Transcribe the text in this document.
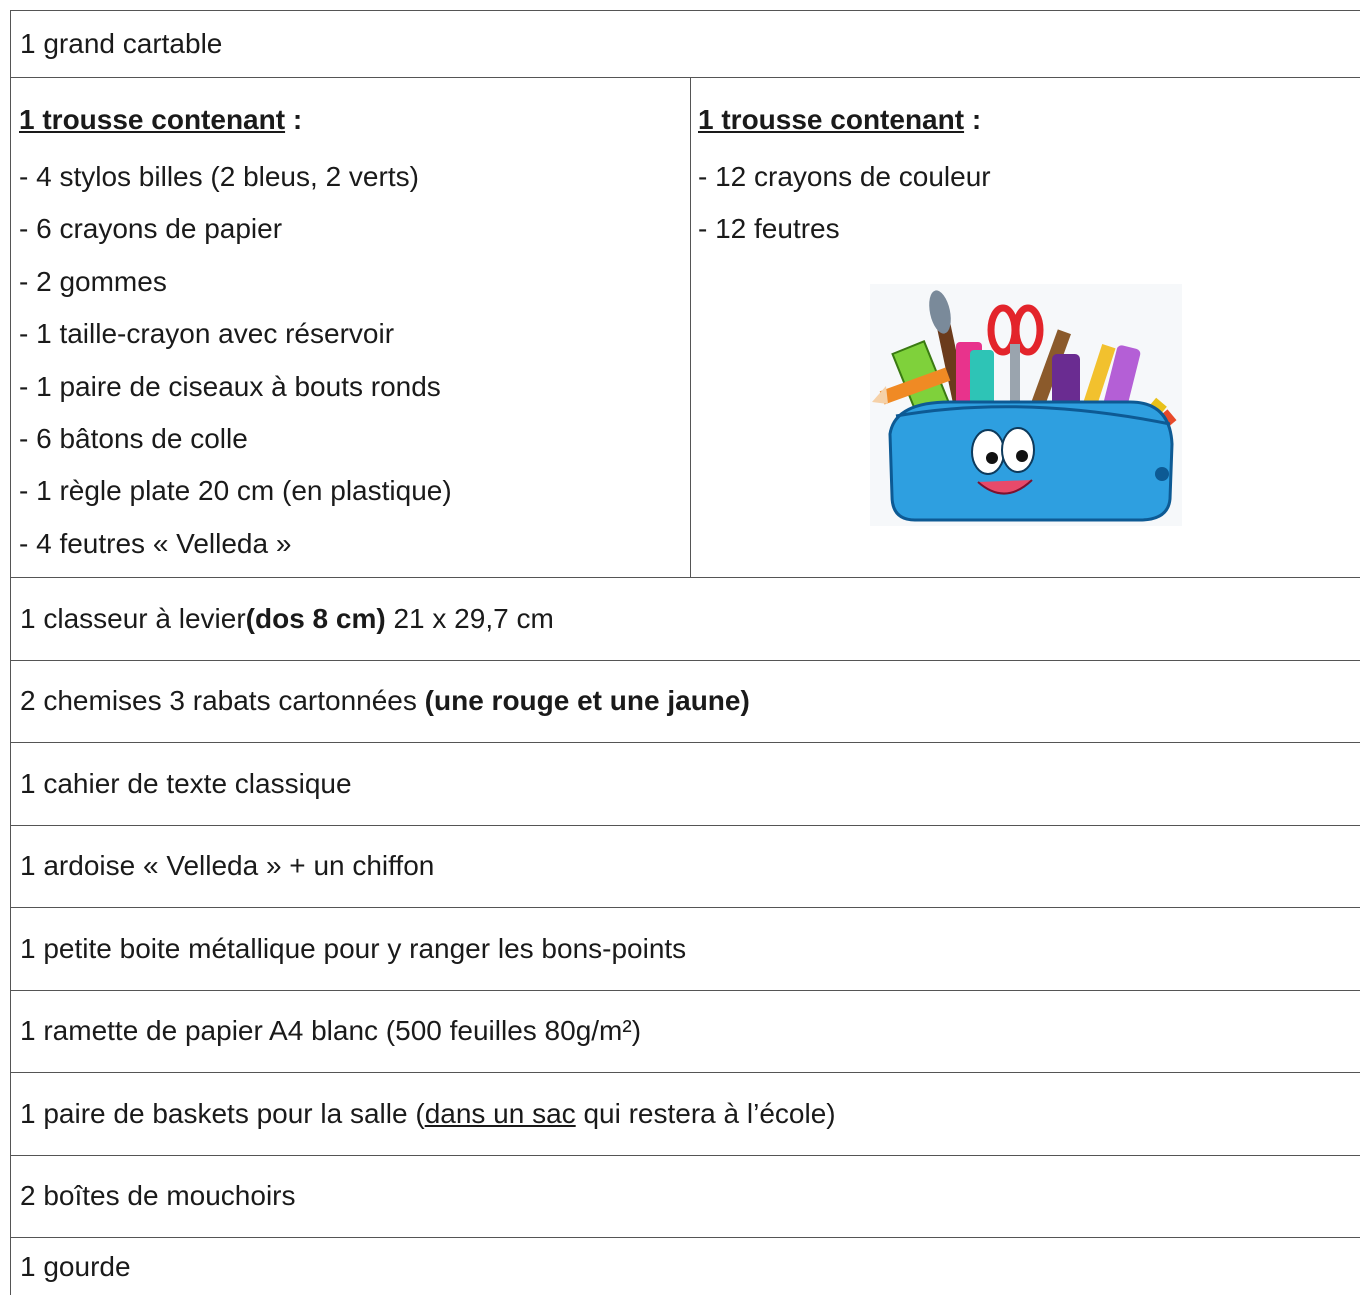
1 grand cartable
1 trousse contenant :
- 4 stylos billes (2 bleus, 2 verts)
- 6 crayons de papier
- 2 gommes
- 1 taille-crayon avec réservoir
- 1 paire de ciseaux à bouts ronds
- 6 bâtons de colle
- 1 règle plate 20 cm (en plastique)
- 4 feutres « Velleda »
1 trousse contenant :
- 12 crayons de couleur
- 12 feutres
1 classeur à levier (dos 8 cm) 21 x 29,7 cm
2 chemises 3 rabats cartonnées (une rouge et une jaune)
1 cahier de texte classique
1 ardoise « Velleda » + un chiffon
1 petite boite métallique pour y ranger les bons-points
1 ramette de papier A4 blanc (500 feuilles 80g/m²)
1 paire de baskets pour la salle ( dans un sac qui restera à l’école)
2 boîtes de mouchoirs
1 gourde
